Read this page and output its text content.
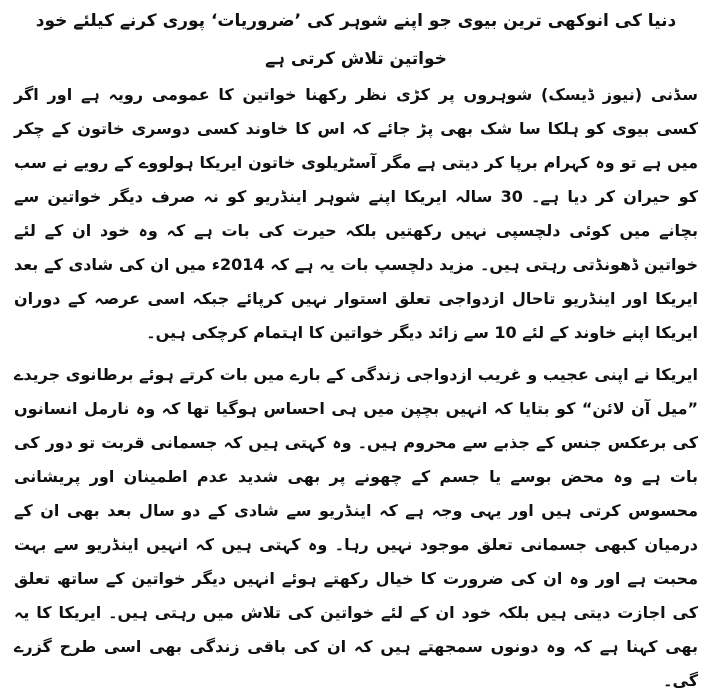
دنیا کی انوکھی ترین بیوی جو اپنے شوہر کی ’ضروریات‘ پوری کرنے کیلئے خود خواتین تلاش کرتی ہے

سڈنی (نیوز ڈیسک) شوہروں پر کڑی نظر رکھنا خواتین کا عمومی رویہ ہے اور اگر کسی بیوی کو ہلکا سا شک بھی پڑ جائے کہ اس کا خاوند کسی دوسری خاتون کے چکر میں ہے تو وہ کہرام برپا کر دیتی ہے مگر آسٹریلوی خاتون ایریکا ہولووے کے رویے نے سب کو حیران کر دیا ہے۔ 30 سالہ ایریکا اپنے شوہر اینڈریو کو نہ صرف دیگر خواتین سے بچانے میں کوئی دلچسپی نہیں رکھتیں بلکہ حیرت کی بات ہے کہ وہ خود ان کے لئے خواتین ڈھونڈتی رہتی ہیں۔ مزید دلچسپ بات یہ ہے کہ 2014ء میں ان کی شادی کے بعد ایریکا اور اینڈریو تاحال ازدواجی تعلق استوار نہیں کرپائے جبکہ اسی عرصہ کے دوران ایریکا اپنے خاوند کے لئے 10 سے زائد دیگر خواتین کا اہتمام کرچکی ہیں۔

ایریکا نے اپنی عجیب و غریب ازدواجی زندگی کے بارے میں بات کرتے ہوئے برطانوی جریدے ”میل آن لائن“ کو بتایا کہ انہیں بچپن میں ہی احساس ہوگیا تھا کہ وہ نارمل انسانوں کی برعکس جنس کے جذبے سے محروم ہیں۔ وہ کہتی ہیں کہ جسمانی قربت تو دور کی بات ہے وہ محض بوسے یا جسم کے چھونے پر بھی شدید عدم اطمینان اور پریشانی محسوس کرتی ہیں اور یہی وجہ ہے کہ اینڈریو سے شادی کے دو سال بعد بھی ان کے درمیان کبھی جسمانی تعلق موجود نہیں رہا۔ وہ کہتی ہیں کہ انہیں اینڈریو سے بہت محبت ہے اور وہ ان کی ضرورت کا خیال رکھتے ہوئے انہیں دیگر خواتین کے ساتھ تعلق کی اجازت دیتی ہیں بلکہ خود ان کے لئے خواتین کی تلاش میں رہتی ہیں۔ ایریکا کا یہ بھی کہنا ہے کہ وہ دونوں سمجھتے ہیں کہ ان کی باقی زندگی بھی اسی طرح گزرے گی۔
